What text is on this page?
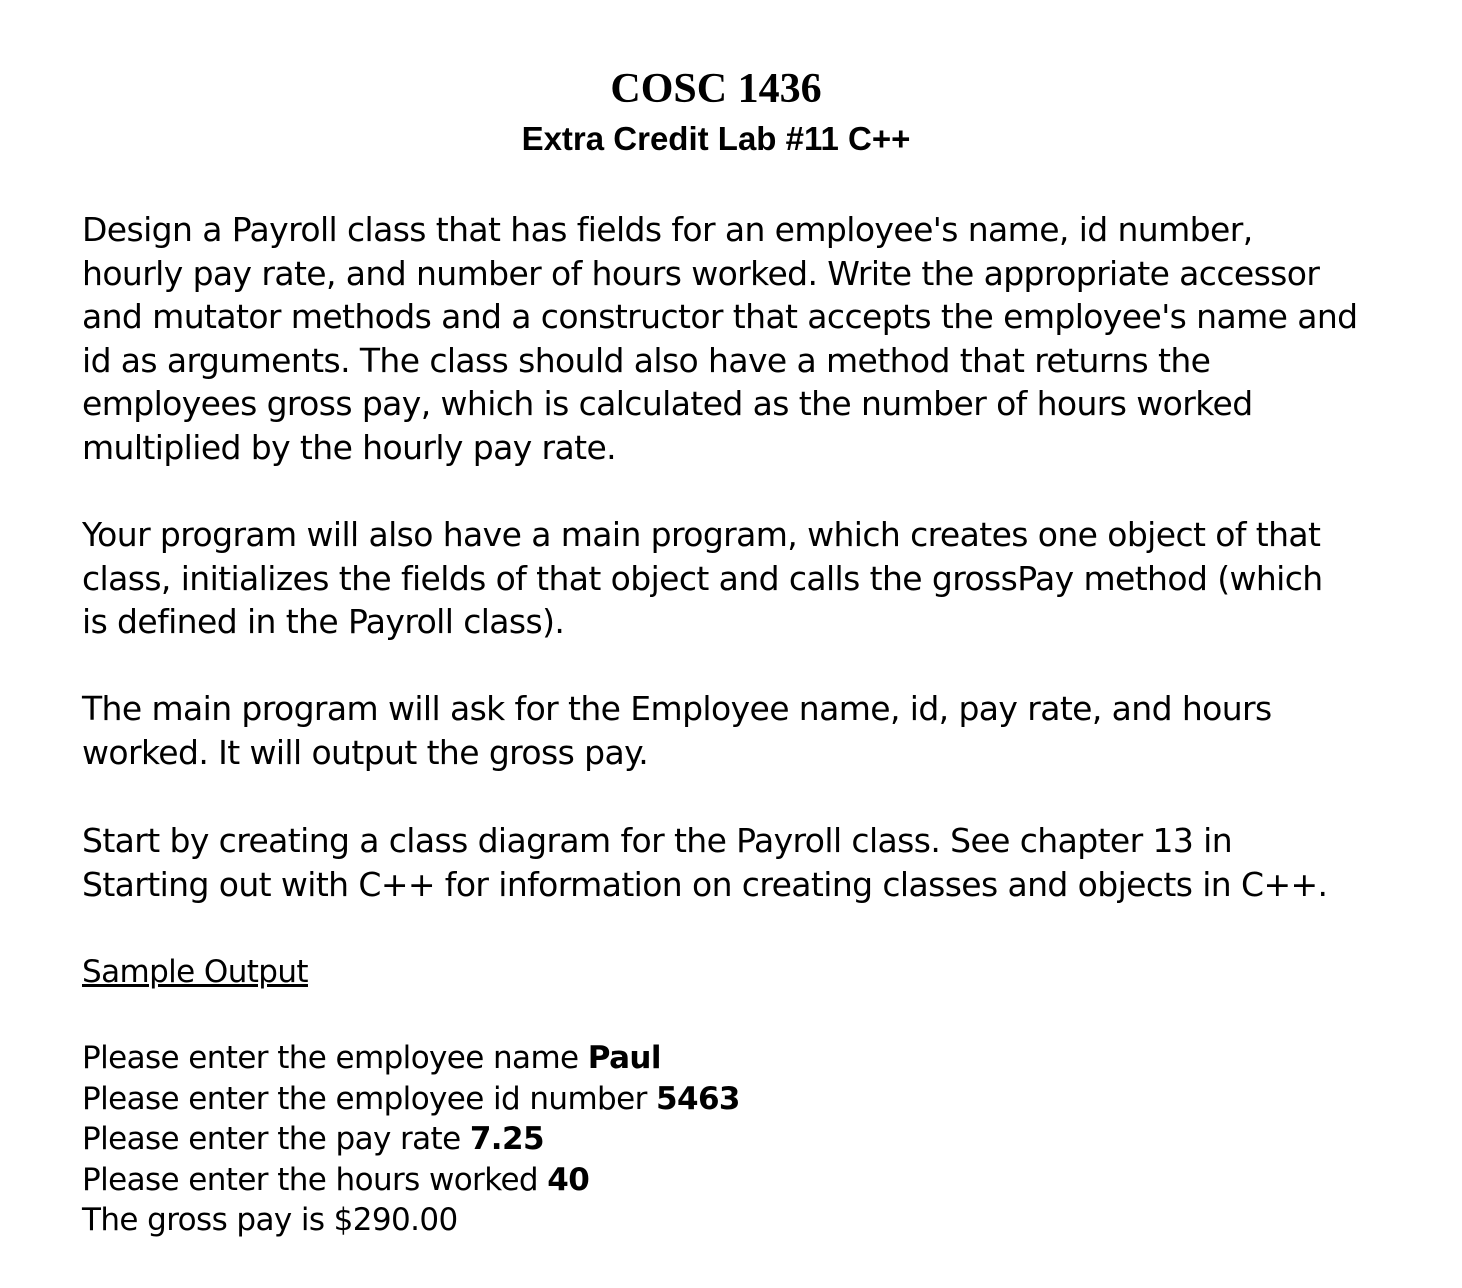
COSC 1436
Extra Credit Lab #11 C++

Design a Payroll class that has fields for an employee's name, id number,
hourly pay rate, and number of hours worked. Write the appropriate accessor
and mutator methods and a constructor that accepts the employee's name and
id as arguments. The class should also have a method that returns the
employees gross pay, which is calculated as the number of hours worked
multiplied by the hourly pay rate.

Your program will also have a main program, which creates one object of that
class, initializes the fields of that object and calls the grossPay method (which
is defined in the Payroll class).

The main program will ask for the Employee name, id, pay rate, and hours
worked. It will output the gross pay.

Start by creating a class diagram for the Payroll class. See chapter 13 in
Starting out with C++ for information on creating classes and objects in C++.

Sample Output

Please enter the employee name Paul
Please enter the employee id number 5463
Please enter the pay rate 7.25
Please enter the hours worked 40
The gross pay is $290.00
